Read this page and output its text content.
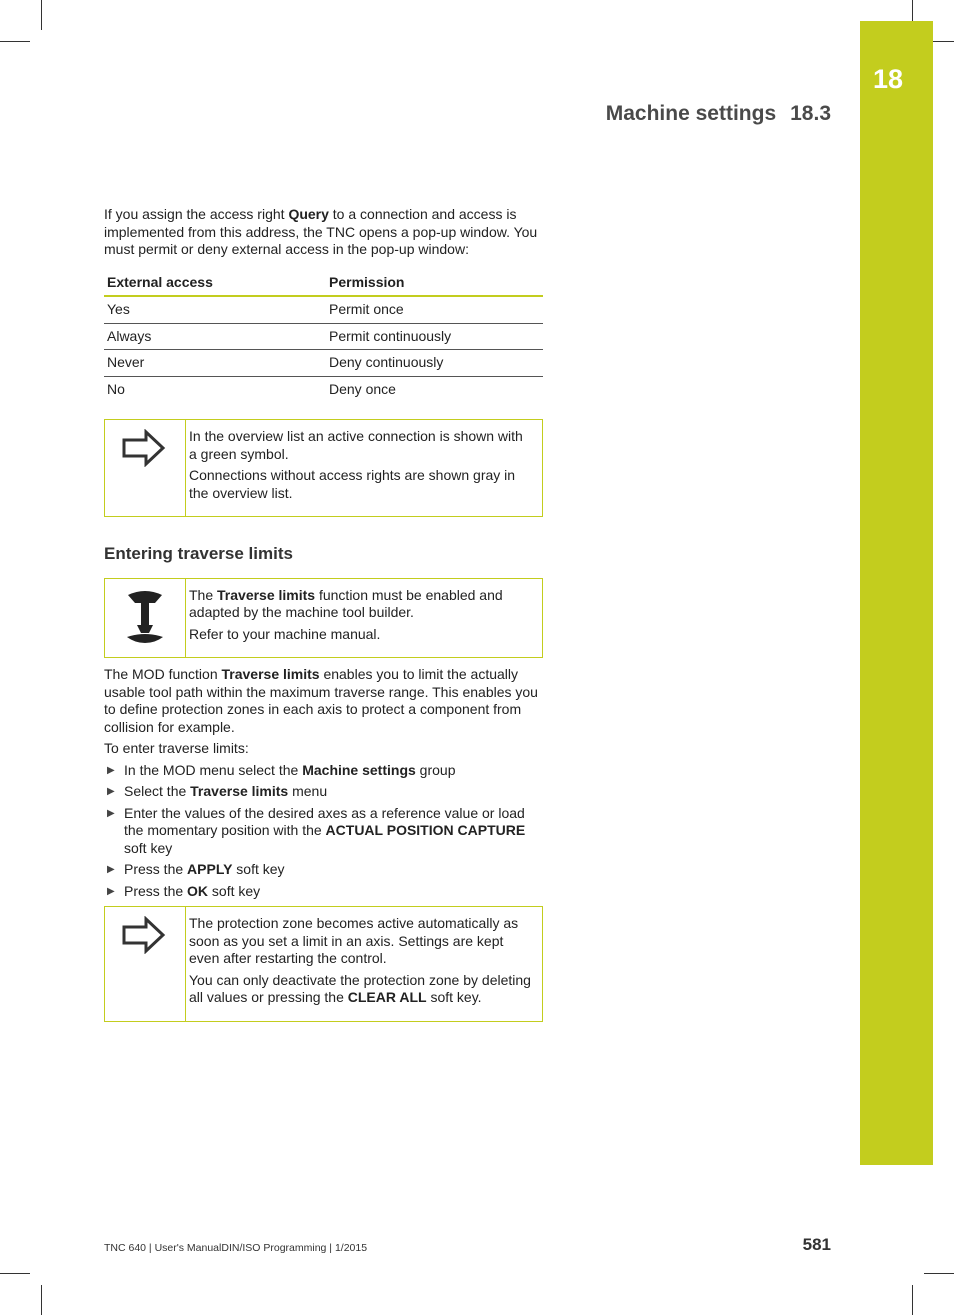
18
Machine settings 18.3

If you assign the access right Query to a connection and access is implemented from this address, the TNC opens a pop-up window. You must permit or deny external access in the pop-up window:

External access	Permission
Yes	Permit once
Always	Permit continuously
Never	Deny continuously
No	Deny once

In the overview list an active connection is shown with a green symbol.

Connections without access rights are shown gray in the overview list.

Entering traverse limits

The Traverse limits function must be enabled and adapted by the machine tool builder.

Refer to your machine manual.

The MOD function Traverse limits enables you to limit the actually usable tool path within the maximum traverse range. This enables you to define protection zones in each axis to protect a component from collision for example.

To enter traverse limits:

▶ In the MOD menu select the Machine settings group
▶ Select the Traverse limits menu
▶ Enter the values of the desired axes as a reference value or load the momentary position with the ACTUAL POSITION CAPTURE soft key
▶ Press the APPLY soft key
▶ Press the OK soft key

The protection zone becomes active automatically as soon as you set a limit in an axis. Settings are kept even after restarting the control.

You can only deactivate the protection zone by deleting all values or pressing the CLEAR ALL soft key.

TNC 640 | User's ManualDIN/ISO Programming | 1/2015	581
